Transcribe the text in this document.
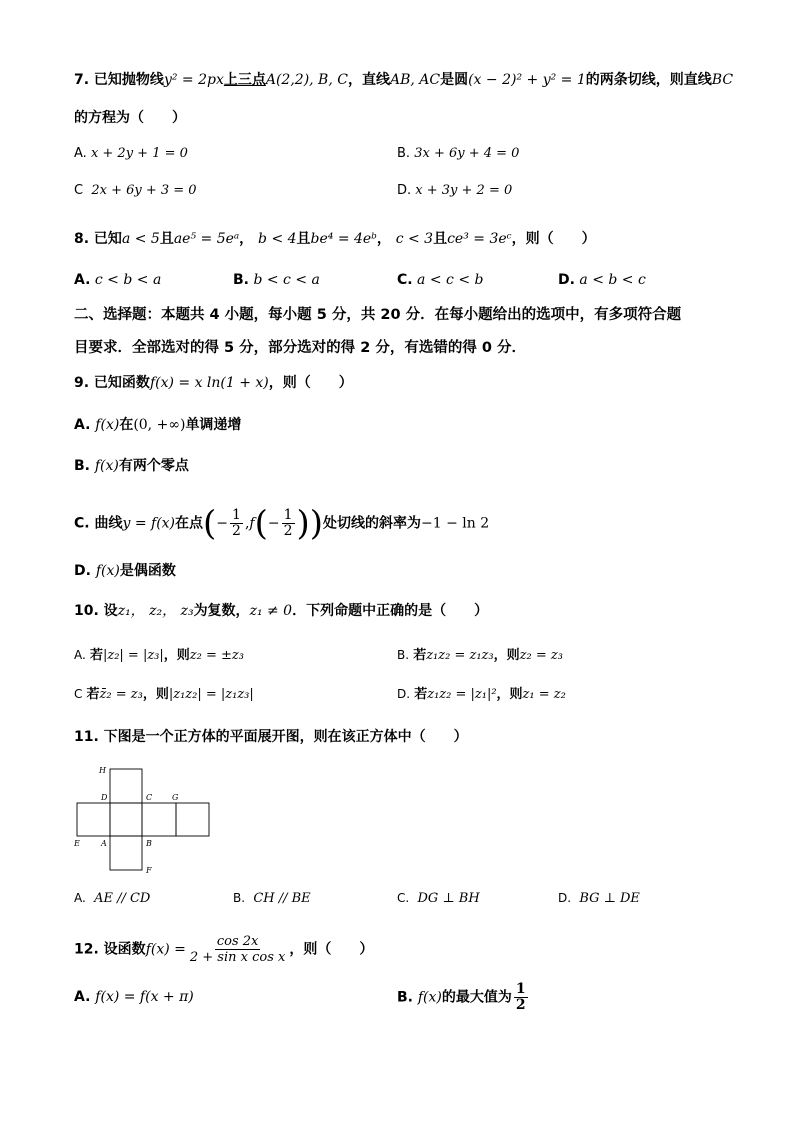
7. 已知抛物线y² = 2px上三点A(2,2), B, C，直线AB, AC是圆(x − 2)² + y² = 1的两条切线，则直线BC
的方程为（　　）
A. x + 2y + 1 = 0	B. 3x + 6y + 4 = 0
C 2x + 6y + 3 = 0	D. x + 3y + 2 = 0
8. 已知a < 5且ae⁵ = 5eᵃ， b < 4且be⁴ = 4eᵇ， c < 3且ce³ = 3eᶜ，则（　　）
A. c < b < a	B. b < c < a	C. a < c < b	D. a < b < c
二、选择题：本题共 4 小题，每小题 5 分，共 20 分．在每小题给出的选项中，有多项符合题
目要求．全部选对的得 5 分，部分选对的得 2 分，有选错的得 0 分．
9. 已知函数f(x) = x ln(1 + x)，则（　　）
A. f(x)在(0, +∞)单调递增
B. f(x)有两个零点
C. 曲线y = f(x)在点(− $\frac{1}{2} ,f(- \frac{1}{2}$ ))处切线的斜率为−1 − ln 2
D. f(x)是偶函数
10. 设z₁， z₂， z₃为复数，z₁ ≠ 0．下列命题中正确的是（　　）
A. 若|z₂| = |z₃|，则z₂ = ±z₃	B. 若z₁z₂ = z₁z₃，则z₂ = z₃
C 若z̄₂ = z₃，则|z₁z₂| = |z₁z₃|	D. 若z₁z₂ = |z₁|²，则z₁ = z₂
11. 下图是一个正方体的平面展开图，则在该正方体中（　　）
H
D	C G
E	A	B
F
A. AE // CD	B. CH // BE	C. DG ⊥ BH	D. BG ⊥ DE
12. 设函数$f(x) = \frac{\cos 2x}{\text{2 + sin x cos x}}$ ，则（　　）
A. f(x) = f(x + π)	B. f(x)的最大值为 $\frac{1}{2}$
